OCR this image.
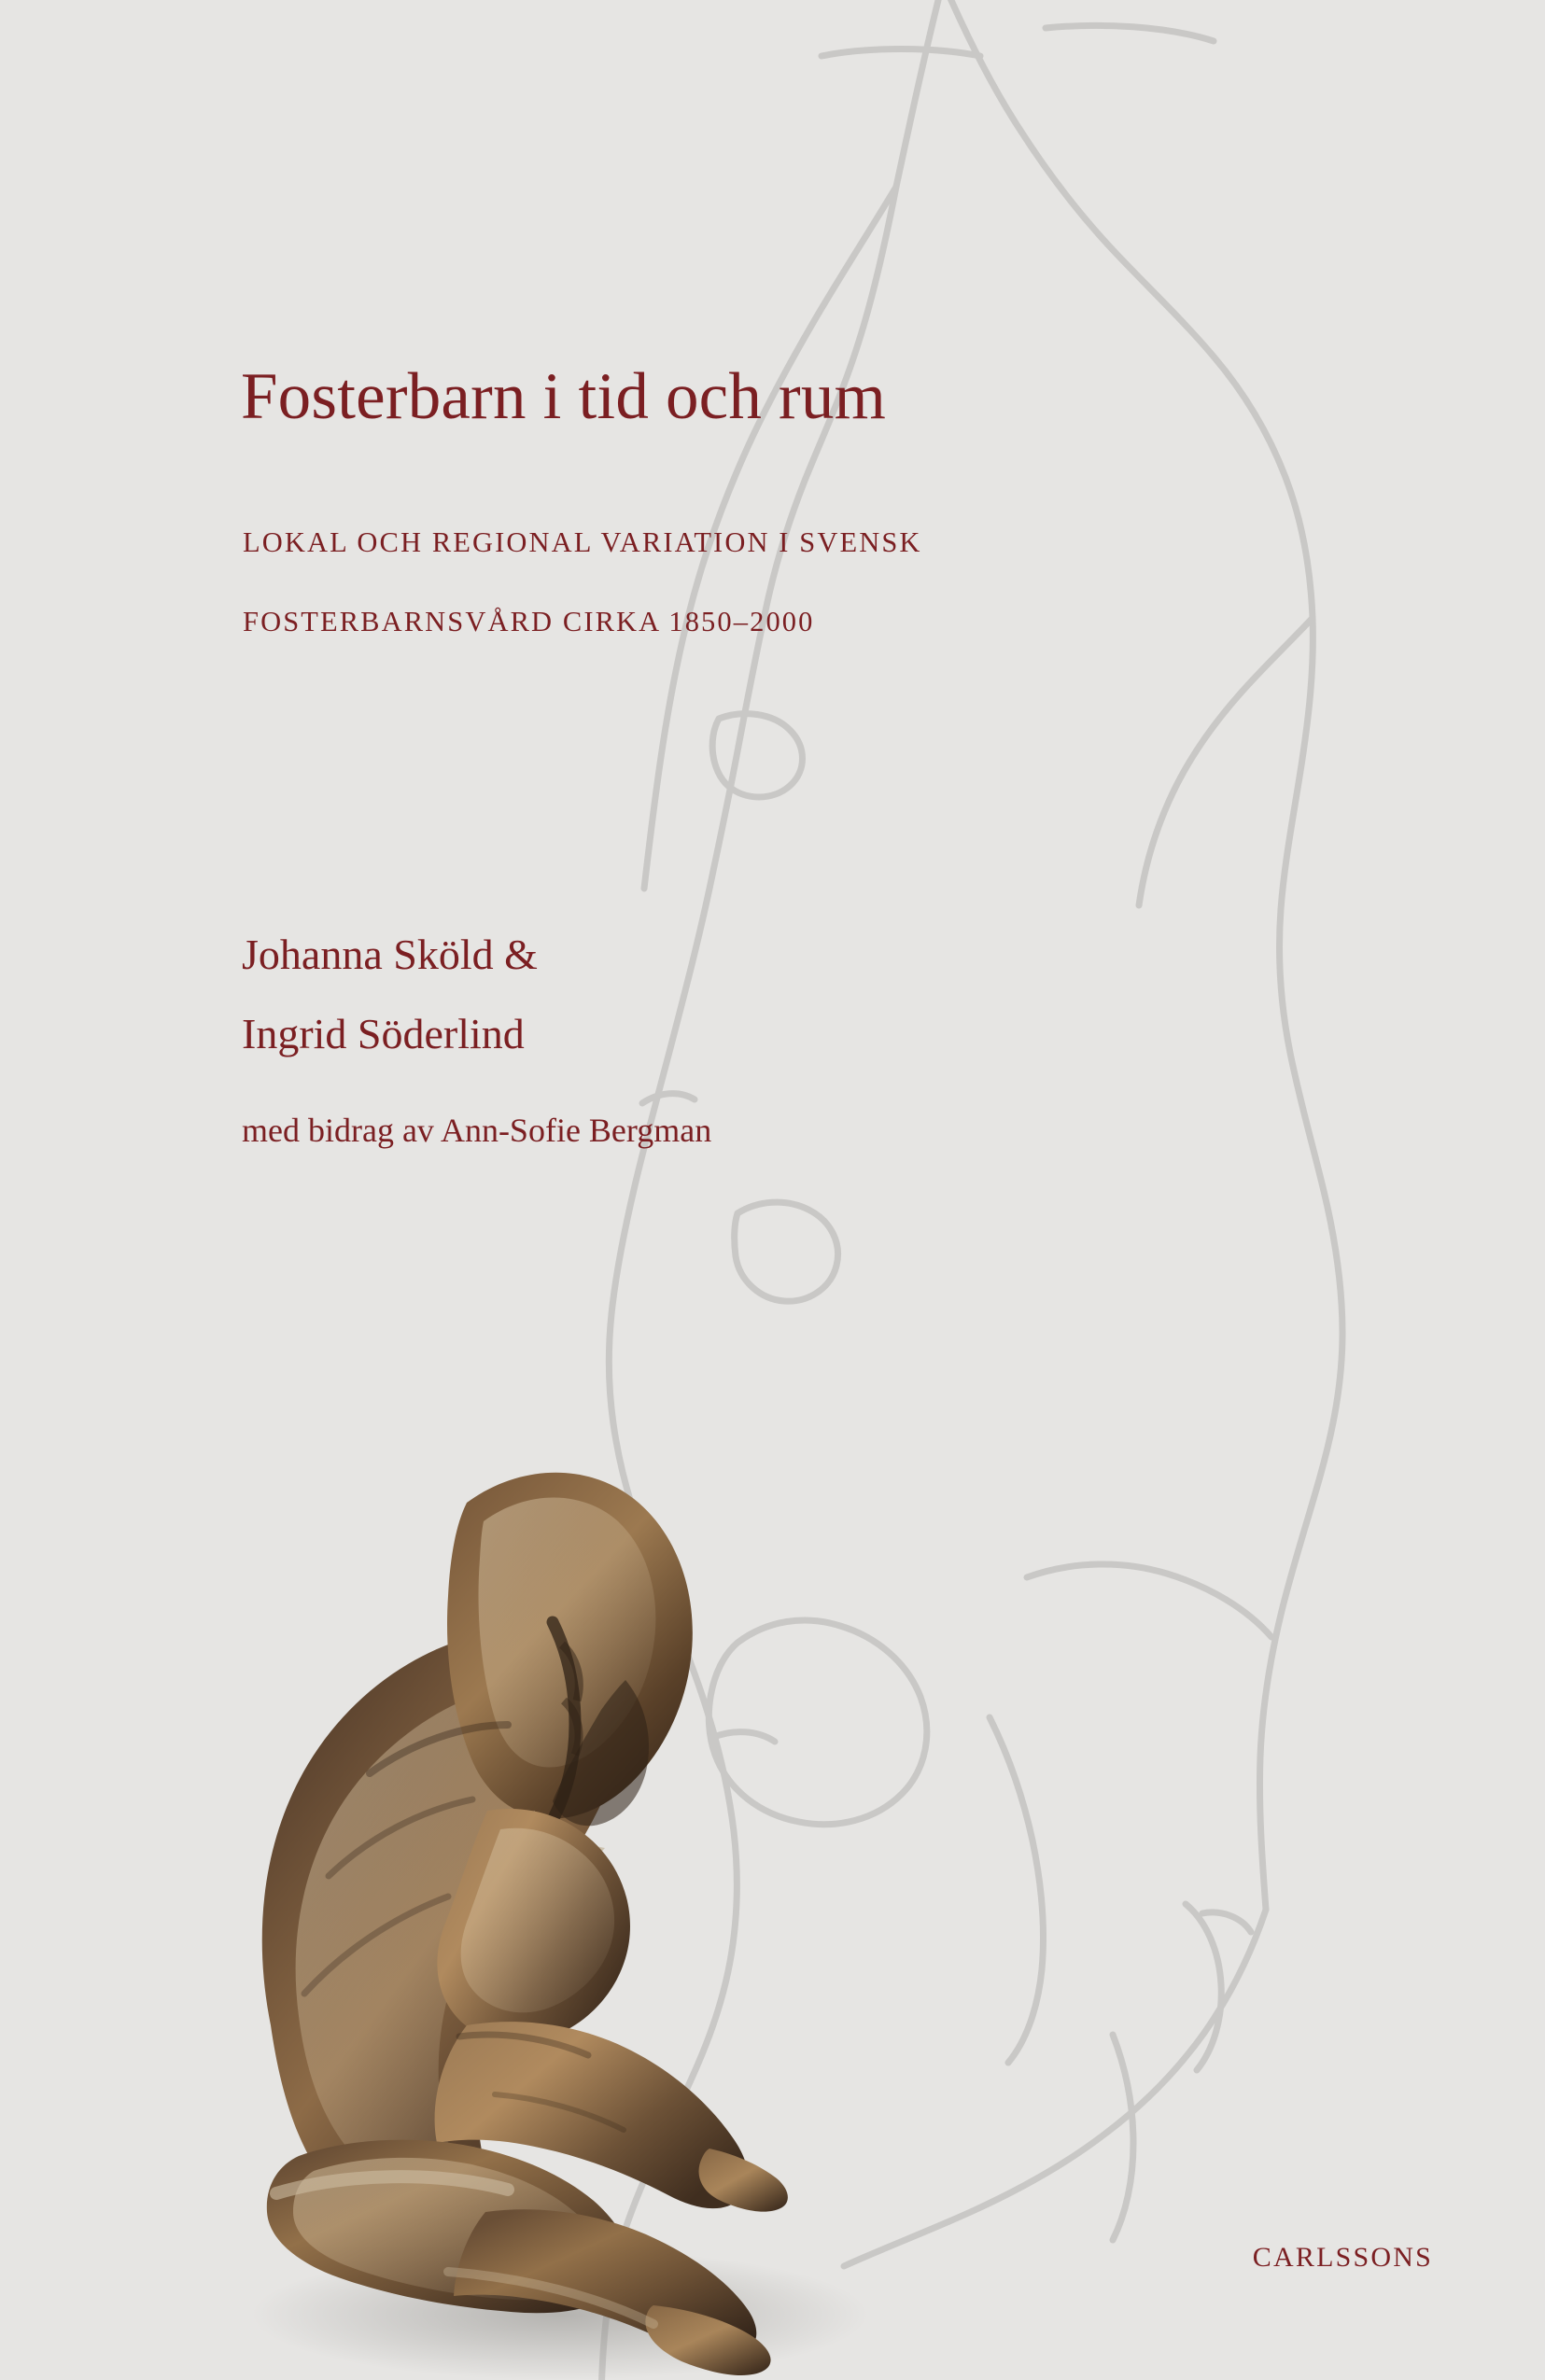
Fosterbarn i tid och rum
LOKAL OCH REGIONAL VARIATION I SVENSK
FOSTERBARNSVÅRD CIRKA 1850–2000
Johanna Sköld &
Ingrid Söderlind
med bidrag av Ann-Sofie Bergman
CARLSSONS
